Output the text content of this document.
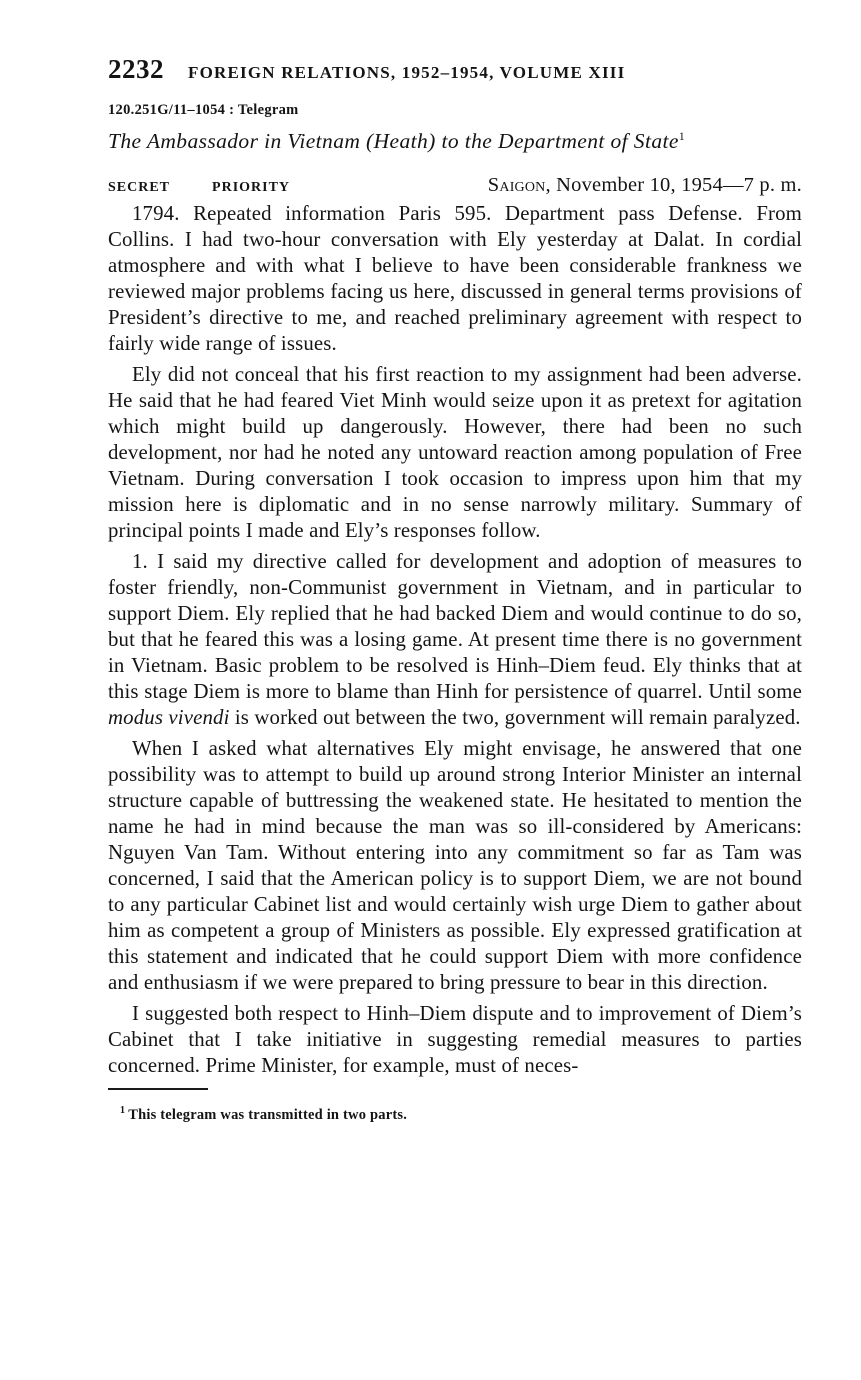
2232 FOREIGN RELATIONS, 1952–1954, VOLUME XIII
120.251G/11–1054 : Telegram
The Ambassador in Vietnam (Heath) to the Department of State$^1$
SECRET	PRIORITY	Saigon, November 10, 1954—7 p. m.

1794. Repeated information Paris 595. Department pass Defense. From Collins. I had two-hour conversation with Ely yesterday at Dalat. In cordial atmosphere and with what I believe to have been considerable frankness we reviewed major problems facing us here, discussed in general terms provisions of President’s directive to me, and reached preliminary agreement with respect to fairly wide range of issues.

Ely did not conceal that his first reaction to my assignment had been adverse. He said that he had feared Viet Minh would seize upon it as pretext for agitation which might build up dangerously. However, there had been no such development, nor had he noted any untoward reaction among population of Free Vietnam. During conversation I took occasion to impress upon him that my mission here is diplomatic and in no sense narrowly military. Summary of principal points I made and Ely’s responses follow.

1. I said my directive called for development and adoption of measures to foster friendly, non-Communist government in Vietnam, and in particular to support Diem. Ely replied that he had backed Diem and would continue to do so, but that he feared this was a losing game. At present time there is no government in Vietnam. Basic problem to be resolved is Hinh–Diem feud. Ely thinks that at this stage Diem is more to blame than Hinh for persistence of quarrel. Until some modus vivendi is worked out between the two, government will remain paralyzed.

When I asked what alternatives Ely might envisage, he answered that one possibility was to attempt to build up around strong Interior Minister an internal structure capable of buttressing the weakened state. He hesitated to mention the name he had in mind because the man was so ill-considered by Americans: Nguyen Van Tam. Without entering into any commitment so far as Tam was concerned, I said that the American policy is to support Diem, we are not bound to any particular Cabinet list and would certainly wish urge Diem to gather about him as competent a group of Ministers as possible. Ely expressed gratification at this statement and indicated that he could support Diem with more confidence and enthusiasm if we were prepared to bring pressure to bear in this direction.

I suggested both respect to Hinh–Diem dispute and to improvement of Diem’s Cabinet that I take initiative in suggesting remedial measures to parties concerned. Prime Minister, for example, must of neces-

$^1$ This telegram was transmitted in two parts.
